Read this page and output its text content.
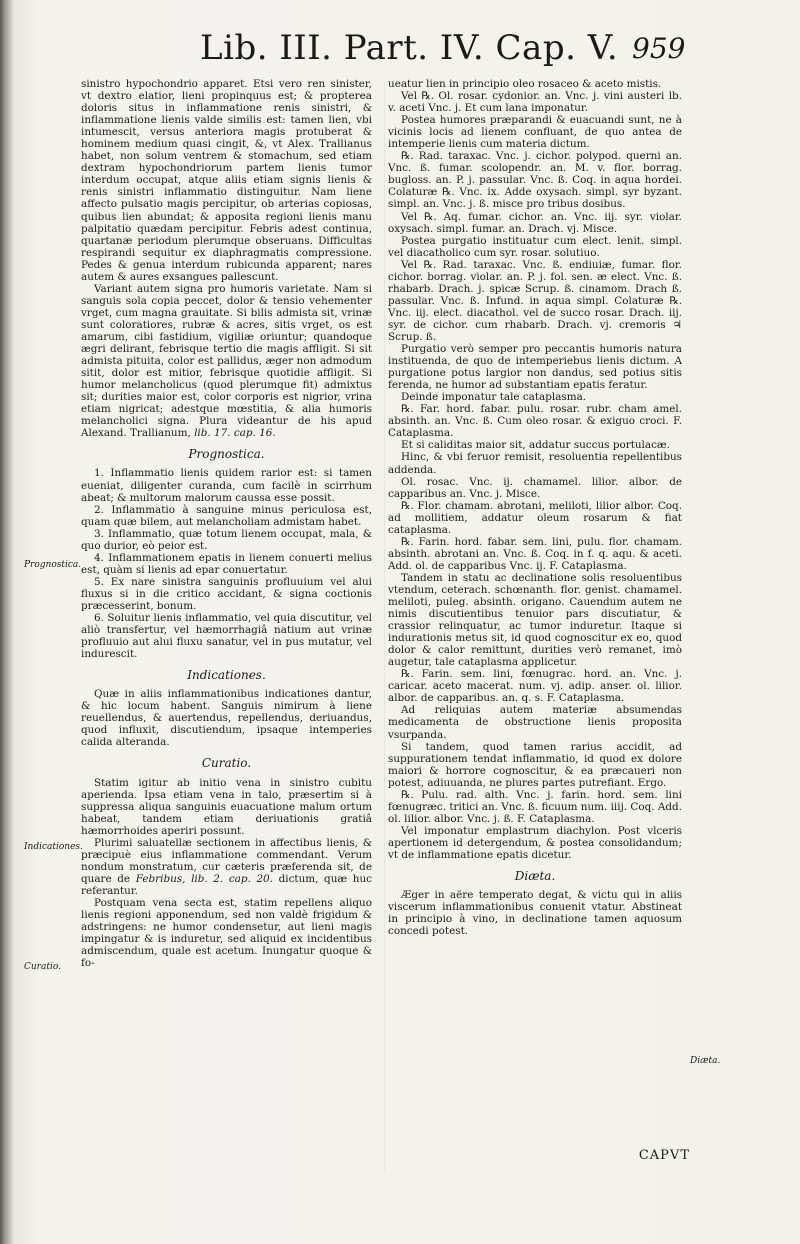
Lib. III. Part. IV. Cap. V. 959
Prognostica.
Indicationes.
Curatio.
Diæta.

sinistro hypochondrio apparet. Etsi vero ren sinister, vt dextro elatior, lieni propinquus est; & propterea doloris situs in inflammatione renis sinistri, & inflammatione lienis valde similis est: tamen lien, vbi intumescit, versus anteriora magis protuberat & hominem medium quasi cingit, &, vt Alex. Trallianus habet, non solum ventrem & stomachum, sed etiam dextram hypochondriorum partem lienis tumor interdum occupat, atque aliis etiam signis lienis & renis sinistri inflammatio distinguitur. Nam liene affecto pulsatio magis percipitur, ob arterias copiosas, quibus lien abundat; & apposita regioni lienis manu palpitatio quædam percipitur. Febris adest continua, quartanæ periodum plerumque obseruans. Difficultas respirandi sequitur ex diaphragmatis compressione. Pedes & genua interdum rubicunda apparent; nares autem & aures exsangues pallescunt.

Variant autem signa pro humoris varietate. Nam si sanguis sola copia peccet, dolor & tensio vehementer vrget, cum magna grauitate. Si bilis admista sit, vrinæ sunt coloratiores, rubræ & acres, sitis vrget, os est amarum, cibi fastidium, vigiliæ oriuntur; quandoque ægri delirant, febrisque tertio die magis affligit. Si sit admista pituita, color est pallidus, æger non admodum sitit, dolor est mitior, febrisque quotidie affligit. Si humor melancholicus (quod plerumque fit) admixtus sit; durities maior est, color corporis est nigrior, vrina etiam nigricat; adestque mœstitia, & alia humoris melancholici signa. Plura videantur de his apud Alexand. Trallianum, lib. 17. cap. 16.

Prognostica.

1. Inflammatio lienis quidem rarior est: si tamen eueniat, diligenter curanda, cum facilè in scirrhum abeat; & multorum malorum caussa esse possit.

2. Inflammatio à sanguine minus periculosa est, quam quæ bilem, aut melancholiam admistam habet.

3. Inflammatio, quæ totum lienem occupat, mala, & quo durior, eò peior est.

4. Inflammationem epatis in lienem conuerti melius est, quàm si lienis ad epar conuertatur.

5. Ex nare sinistra sanguinis profluuium vel alui fluxus si in die critico accidant, & signa coctionis præcesserint, bonum.

6. Soluitur lienis inflammatio, vel quia discutitur, vel aliò transfertur, vel hæmorrhagiâ natium aut vrinæ profluuio aut alui fluxu sanatur, vel in pus mutatur, vel indurescit.

Indicationes.

Quæ in aliis inflammationibus indicationes dantur, & hic locum habent. Sanguis nimirum à liene reuellendus, & auertendus, repellendus, deriuandus, quod influxit, discutiendum, ipsaque intemperies calida alteranda.

Curatio.

Statim igitur ab initio vena in sinistro cubitu aperienda. Ipsa etiam vena in talo, præsertim si à suppressa aliqua sanguinis euacuatione malum ortum habeat, tandem etiam deriuationis gratiâ hæmorrhoides aperiri possunt.

Plurimi saluatellæ sectionem in affectibus lienis, & præcipuè eius inflammatione commendant. Verum nondum monstratum, cur cæteris præferenda sit, de quare de Febribus, lib. 2. cap. 20. dictum, quæ huc referantur.

Postquam vena secta est, statim repellens aliquo lienis regioni apponendum, sed non valdè frigidum & adstringens: ne humor condensetur, aut lieni magis impingatur & is induretur, sed aliquid ex incidentibus admiscendum, quale est acetum. Inungatur quoque & fo-

ueatur lien in principio oleo rosaceo & aceto mistis.

Vel ℞. Ol. rosar. cydonior. an. Vnc. j. vini austeri lb. v. aceti Vnc. j. Et cum lana imponatur.

Postea humores præparandi & euacuandi sunt, ne à vicinis locis ad lienem confluant, de quo antea de intemperie lienis cum materia dictum.

℞. Rad. taraxac. Vnc. j. cichor. polypod. querni an. Vnc. ß. fumar. scolopendr. an. M. v. flor. borrag. bugloss. an. P. j. passular. Vnc. ß. Coq. in aqua hordei. Colaturæ ℞. Vnc. ix. Adde oxysach. simpl. syr byzant. simpl. an. Vnc. j. ß. misce pro tribus dosibus.

Vel ℞. Aq. fumar. cichor. an. Vnc. iij. syr. violar. oxysach. simpl. fumar. an. Drach. vj. Misce.

Postea purgatio instituatur cum elect. lenit. simpl. vel diacatholico cum syr. rosar. solutiuo.

Vel ℞. Rad. taraxac. Vnc. ß. endiuiæ, fumar. flor. cichor. borrag. violar. an. P. j. fol. sen. æ elect. Vnc. ß. rhabarb. Drach. j. spicæ Scrup. ß. cinamom. Drach ß. passular. Vnc. ß. Infund. in aqua simpl. Colaturæ ℞. Vnc. iij. elect. diacathol. vel de succo rosar. Drach. iij. syr. de cichor. cum rhabarb. Drach. vj. cremoris ♃ Scrup. ß.

Purgatio verò semper pro peccantis humoris natura instituenda, de quo de intemperiebus lienis dictum. A purgatione potus largior non dandus, sed potius sitis ferenda, ne humor ad substantiam epatis feratur.

Deinde imponatur tale cataplasma.

℞. Far. hord. fabar. pulu. rosar. rubr. cham amel. absinth. an. Vnc. ß. Cum oleo rosar. & exiguo croci. F. Cataplasma.

Et si caliditas maior sit, addatur succus portulacæ.

Hinc, & vbi feruor remisit, resoluentia repellentibus addenda.

Ol. rosac. Vnc. ij. chamamel. lilior. albor. de capparibus an. Vnc. j. Misce.

℞. Flor. chamam. abrotani, meliloti, lilior albor. Coq. ad mollitiem, addatur oleum rosarum & fiat cataplasma.

℞. Farin. hord. fabar. sem. lini, pulu. flor. chamam. absinth. abrotani an. Vnc. ß. Coq. in f. q. aqu. & aceti. Add. ol. de capparibus Vnc. ij. F. Cataplasma.

Tandem in statu ac declinatione solis resoluentibus vtendum, ceterach. schœnanth. flor. genist. chamamel. meliloti, puleg. absinth. origano. Cauendum autem ne nimis discutientibus tenuior pars discutiatur, & crassior relinquatur, ac tumor induretur. Itaque si indurationis metus sit, id quod cognoscitur ex eo, quod dolor & calor remittunt, durities verò remanet, imò augetur, tale cataplasma applicetur.

℞. Farin. sem. lini, fœnugrac. hord. an. Vnc. j. caricar. aceto macerat. num. vj. adip. anser. ol. lilior. albor. de capparibus. an. q. s. F. Cataplasma.

Ad reliquias autem materiæ absumendas medicamenta de obstructione lienis proposita vsurpanda.

Si tandem, quod tamen rarius accidit, ad suppurationem tendat inflammatio, id quod ex dolore maiori & horrore cognoscitur, & ea præcaueri non potest, adiuuanda, ne plures partes putrefiant. Ergo.

℞. Pulu. rad. alth. Vnc. j. farin. hord. sem. lini fœnugræc. tritici an. Vnc. ß. ficuum num. iiij. Coq. Add. ol. lilior. albor. Vnc. j. ß. F. Cataplasma.

Vel imponatur emplastrum diachylon. Post vlceris apertionem id detergendum, & postea consolidandum; vt de inflammatione epatis dicetur.

Diæta.

Æger in aëre temperato degat, & victu qui in aliis viscerum inflammationibus conuenit vtatur. Abstineat in principio à vino, in declinatione tamen aquosum concedi potest.

CAPVT
